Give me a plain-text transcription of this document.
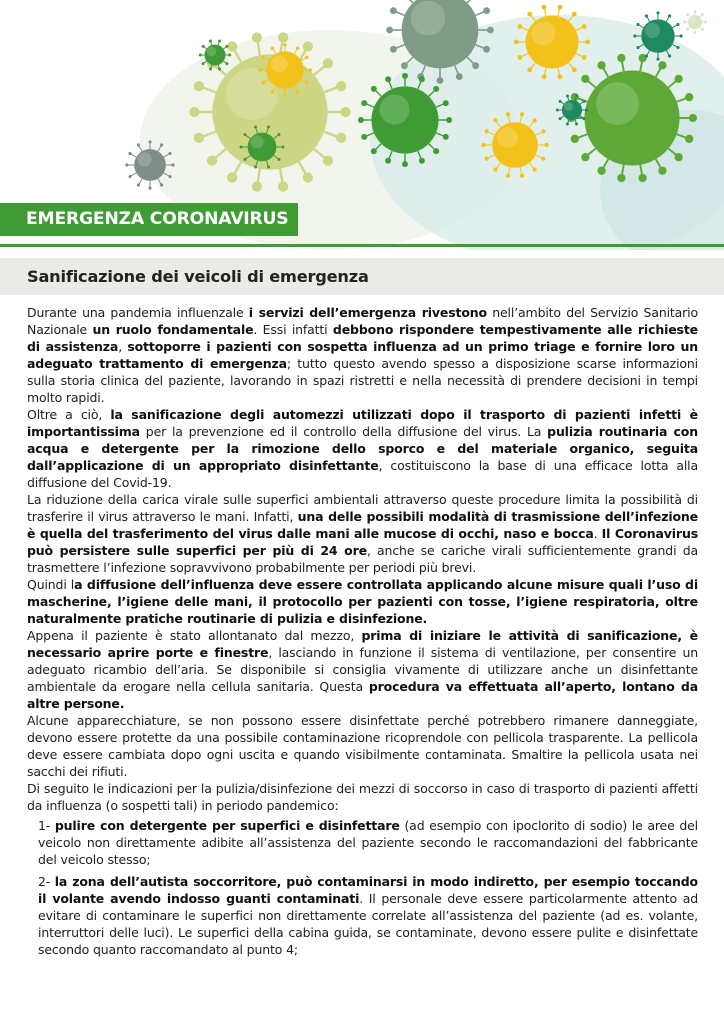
EMERGENZA CORONAVIRUS
Sanificazione dei veicoli di emergenza

Durante una pandemia influenzale i servizi dell’emergenza rivestono nell’ambito del Servizio Sanitario Nazionale un ruolo fondamentale. Essi infatti debbono rispondere tempestivamente alle richieste di assistenza, sottoporre i pazienti con sospetta influenza ad un primo triage e fornire loro un adeguato trattamento di emergenza; tutto questo avendo spesso a disposizione scarse informazioni sulla storia clinica del paziente, lavorando in spazi ristretti e nella necessità di prendere decisioni in tempi molto rapidi.

Oltre a ciò, la sanificazione degli automezzi utilizzati dopo il trasporto di pazienti infetti è importantissima per la prevenzione ed il controllo della diffusione del virus. La pulizia routinaria con acqua e detergente per la rimozione dello sporco e del materiale organico, seguita dall’applicazione di un appropriato disinfettante, costituiscono la base di una efficace lotta alla diffusione del Covid-19.

La riduzione della carica virale sulle superfici ambientali attraverso queste procedure limita la possibilità di trasferire il virus attraverso le mani. Infatti, una delle possibili modalità di trasmissione dell’infezione è quella del trasferimento del virus dalle mani alle mucose di occhi, naso e bocca. Il Coronavirus può persistere sulle superfici per più di 24 ore, anche se cariche virali sufficientemente grandi da trasmettere l’infezione sopravvivono probabilmente per periodi più brevi.

Quindi la diffusione dell’influenza deve essere controllata applicando alcune misure quali l’uso di mascherine, l’igiene delle mani, il protocollo per pazienti con tosse, l’igiene respiratoria, oltre naturalmente pratiche routinarie di pulizia e disinfezione.

Appena il paziente è stato allontanato dal mezzo, prima di iniziare le attività di sanificazione, è necessario aprire porte e finestre, lasciando in funzione il sistema di ventilazione, per consentire un adeguato ricambio dell’aria. Se disponibile si consiglia vivamente di utilizzare anche un disinfettante ambientale da erogare nella cellula sanitaria. Questa procedura va effettuata all’aperto, lontano da altre persone.

Alcune apparecchiature, se non possono essere disinfettate perché potrebbero rimanere danneggiate, devono essere protette da una possibile contaminazione ricoprendole con pellicola trasparente. La pellicola deve essere cambiata dopo ogni uscita e quando visibilmente contaminata. Smaltire la pellicola usata nei sacchi dei rifiuti.

Di seguito le indicazioni per la pulizia/disinfezione dei mezzi di soccorso in caso di trasporto di pazienti affetti da influenza (o sospetti tali) in periodo pandemico:

1- pulire con detergente per superfici e disinfettare (ad esempio con ipoclorito di sodio) le aree del veicolo non direttamente adibite all’assistenza del paziente secondo le raccomandazioni del fabbricante del veicolo stesso;

2- la zona dell’autista soccorritore, può contaminarsi in modo indiretto, per esempio toccando il volante avendo indosso guanti contaminati. Il personale deve essere particolarmente attento ad evitare di contaminare le superfici non direttamente correlate all’assistenza del paziente (ad es. volante, interruttori delle luci). Le superfici della cabina guida, se contaminate, devono essere pulite e disinfettate secondo quanto raccomandato al punto 4;
